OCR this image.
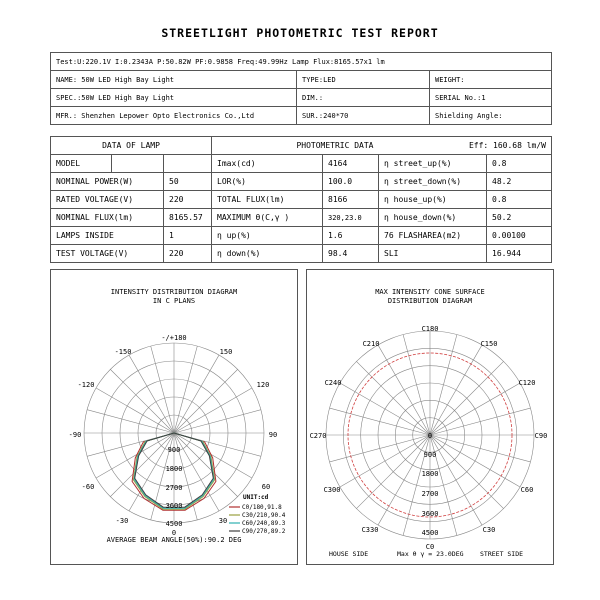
STREETLIGHT PHOTOMETRIC TEST REPORT
Test:U:220.1V I:0.2343A P:50.82W PF:0.9858 Freq:49.99Hz Lamp Flux:8165.57x1 lm		
NAME: 50W LED High Bay Light	TYPE:LED	WEIGHT:
SPEC.:50W LED High Bay Light	DIM.:	SERIAL No.:1
MFR.: Shenzhen Lepower Opto Electronics Co.,Ltd	SUR.:240*70	Shielding Angle:
DATA OF LAMP			PHOTOMETRIC DATA		Eff: 160.68 lm/W	
MODEL			Imax(cd)	4164	η street_up(%)	0.8
NOMINAL POWER(W)		50	LOR(%)	100.0	η street_down(%)	48.2
RATED VOLTAGE(V)		220	TOTAL FLUX(lm)	8166	η house_up(%)	0.8
NOMINAL FLUX(lm)		8165.57	MAXIMUM θ(C,γ )	320,23.0	η house_down(%)	50.2
LAMPS INSIDE		1	η up(%)	1.6	76 FLASHAREA(m2)	0.00100
TEST VOLTAGE(V)		220	η down(%)	98.4	SLI	16.944
INTENSITY DISTRIBUTION DIAGRAM
IN C PLANS
-/+180
-150	150
-120	120
-90	90
-60	60
-30	30
0
900
1800
2700
3600
4500
UNIT:cd
C0/180,91.8
C30/210,90.4
C60/240,89.3
C90/270,89.2
AVERAGE BEAM ANGLE(50%):90.2 DEG
MAX INTENSITY CONE SURFACE
DISTRIBUTION DIAGRAM
C180
C210	C150
C240	C120
C270	C90
C300	C60
C330	C30
C0
0
900
1800
2700
3600
4500
HOUSE SIDE	Max θ γ = 23.0DEG	STREET SIDE
